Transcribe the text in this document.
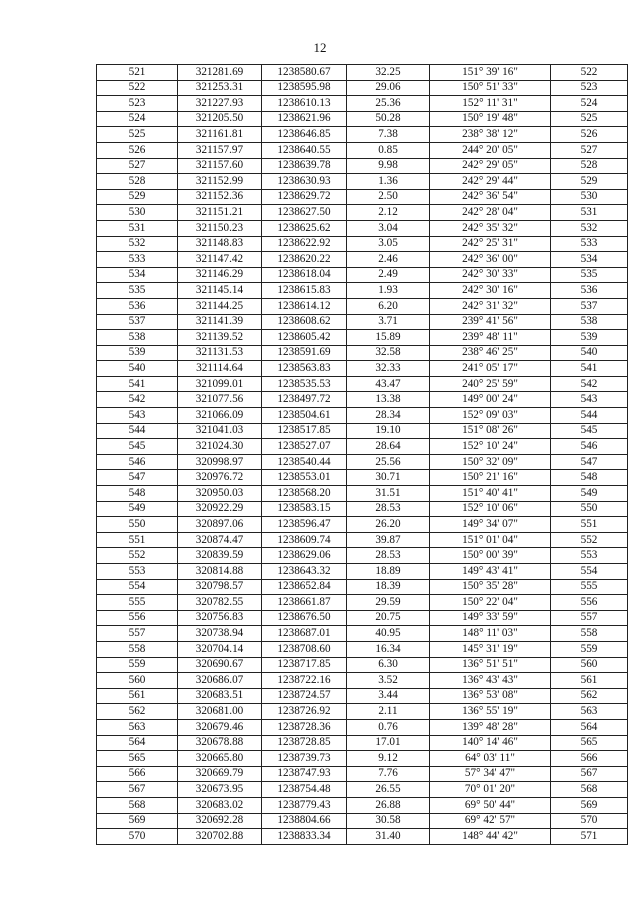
12
521	321281.69	1238580.67	32.25	151° 39' 16"	522
522	321253.31	1238595.98	29.06	150° 51' 33"	523
523	321227.93	1238610.13	25.36	152° 11' 31"	524
524	321205.50	1238621.96	50.28	150° 19' 48"	525
525	321161.81	1238646.85	7.38	238° 38' 12"	526
526	321157.97	1238640.55	0.85	244° 20' 05"	527
527	321157.60	1238639.78	9.98	242° 29' 05"	528
528	321152.99	1238630.93	1.36	242° 29' 44"	529
529	321152.36	1238629.72	2.50	242° 36' 54"	530
530	321151.21	1238627.50	2.12	242° 28' 04"	531
531	321150.23	1238625.62	3.04	242° 35' 32"	532
532	321148.83	1238622.92	3.05	242° 25' 31"	533
533	321147.42	1238620.22	2.46	242° 36' 00"	534
534	321146.29	1238618.04	2.49	242° 30' 33"	535
535	321145.14	1238615.83	1.93	242° 30' 16"	536
536	321144.25	1238614.12	6.20	242° 31' 32"	537
537	321141.39	1238608.62	3.71	239° 41' 56"	538
538	321139.52	1238605.42	15.89	239° 48' 11"	539
539	321131.53	1238591.69	32.58	238° 46' 25"	540
540	321114.64	1238563.83	32.33	241° 05' 17"	541
541	321099.01	1238535.53	43.47	240° 25' 59"	542
542	321077.56	1238497.72	13.38	149° 00' 24"	543
543	321066.09	1238504.61	28.34	152° 09' 03"	544
544	321041.03	1238517.85	19.10	151° 08' 26"	545
545	321024.30	1238527.07	28.64	152° 10' 24"	546
546	320998.97	1238540.44	25.56	150° 32' 09"	547
547	320976.72	1238553.01	30.71	150° 21' 16"	548
548	320950.03	1238568.20	31.51	151° 40' 41"	549
549	320922.29	1238583.15	28.53	152° 10' 06"	550
550	320897.06	1238596.47	26.20	149° 34' 07"	551
551	320874.47	1238609.74	39.87	151° 01' 04"	552
552	320839.59	1238629.06	28.53	150° 00' 39"	553
553	320814.88	1238643.32	18.89	149° 43' 41"	554
554	320798.57	1238652.84	18.39	150° 35' 28"	555
555	320782.55	1238661.87	29.59	150° 22' 04"	556
556	320756.83	1238676.50	20.75	149° 33' 59"	557
557	320738.94	1238687.01	40.95	148° 11' 03"	558
558	320704.14	1238708.60	16.34	145° 31' 19"	559
559	320690.67	1238717.85	6.30	136° 51' 51"	560
560	320686.07	1238722.16	3.52	136° 43' 43"	561
561	320683.51	1238724.57	3.44	136° 53' 08"	562
562	320681.00	1238726.92	2.11	136° 55' 19"	563
563	320679.46	1238728.36	0.76	139° 48' 28"	564
564	320678.88	1238728.85	17.01	140° 14' 46"	565
565	320665.80	1238739.73	9.12	64° 03' 11"	566
566	320669.79	1238747.93	7.76	57° 34' 47"	567
567	320673.95	1238754.48	26.55	70° 01' 20"	568
568	320683.02	1238779.43	26.88	69° 50' 44"	569
569	320692.28	1238804.66	30.58	69° 42' 57"	570
570	320702.88	1238833.34	31.40	148° 44' 42"	571
